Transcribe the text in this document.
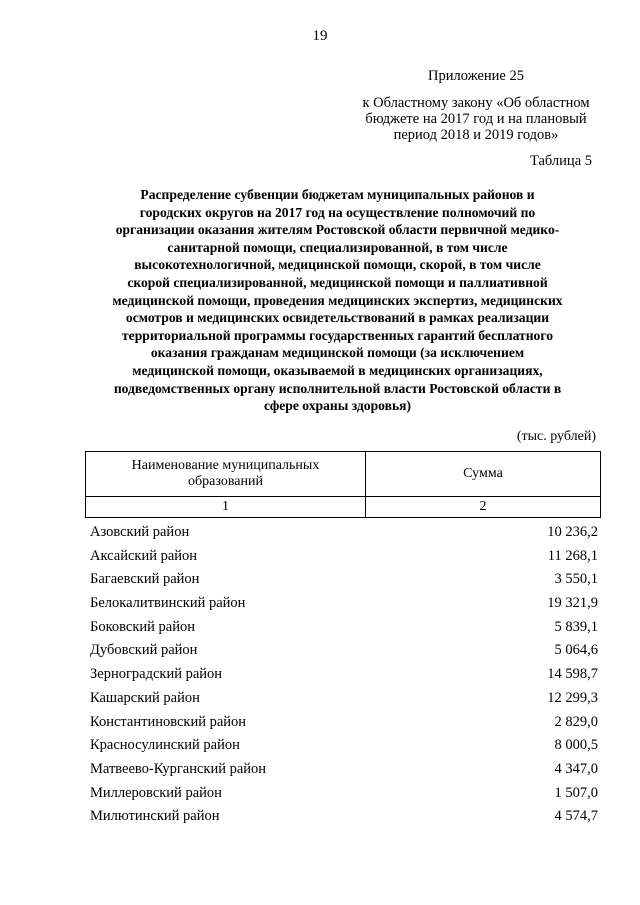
19
Приложение 25
к Областному закону «Об областном
бюджете на 2017 год и на плановый
период 2018 и 2019 годов»
Таблица 5
Распределение субвенции бюджетам муниципальных районов и
городских округов на 2017 год на осуществление полномочий по
организации оказания жителям Ростовской области первичной медико-
санитарной помощи, специализированной, в том числе
высокотехнологичной, медицинской помощи, скорой, в том числе
скорой специализированной, медицинской помощи и паллиативной
медицинской помощи, проведения медицинских экспертиз, медицинских
осмотров и медицинских освидетельствований в рамках реализации
территориальной программы государственных гарантий бесплатного
оказания гражданам медицинской помощи (за исключением
медицинской помощи, оказываемой в медицинских организациях,
подведомственных органу исполнительной власти Ростовской области в
сфере охраны здоровья)
(тыс. рублей)
Наименование муниципальных
образований	Сумма
1	2
Азовский район	10 236,2
Аксайский район	11 268,1
Багаевский район	3 550,1
Белокалитвинский район	19 321,9
Боковский район	5 839,1
Дубовский район	5 064,6
Зерноградский район	14 598,7
Кашарский район	12 299,3
Константиновский район	2 829,0
Красносулинский район	8 000,5
Матвеево-Курганский район	4 347,0
Миллеровский район	1 507,0
Милютинский район	4 574,7
